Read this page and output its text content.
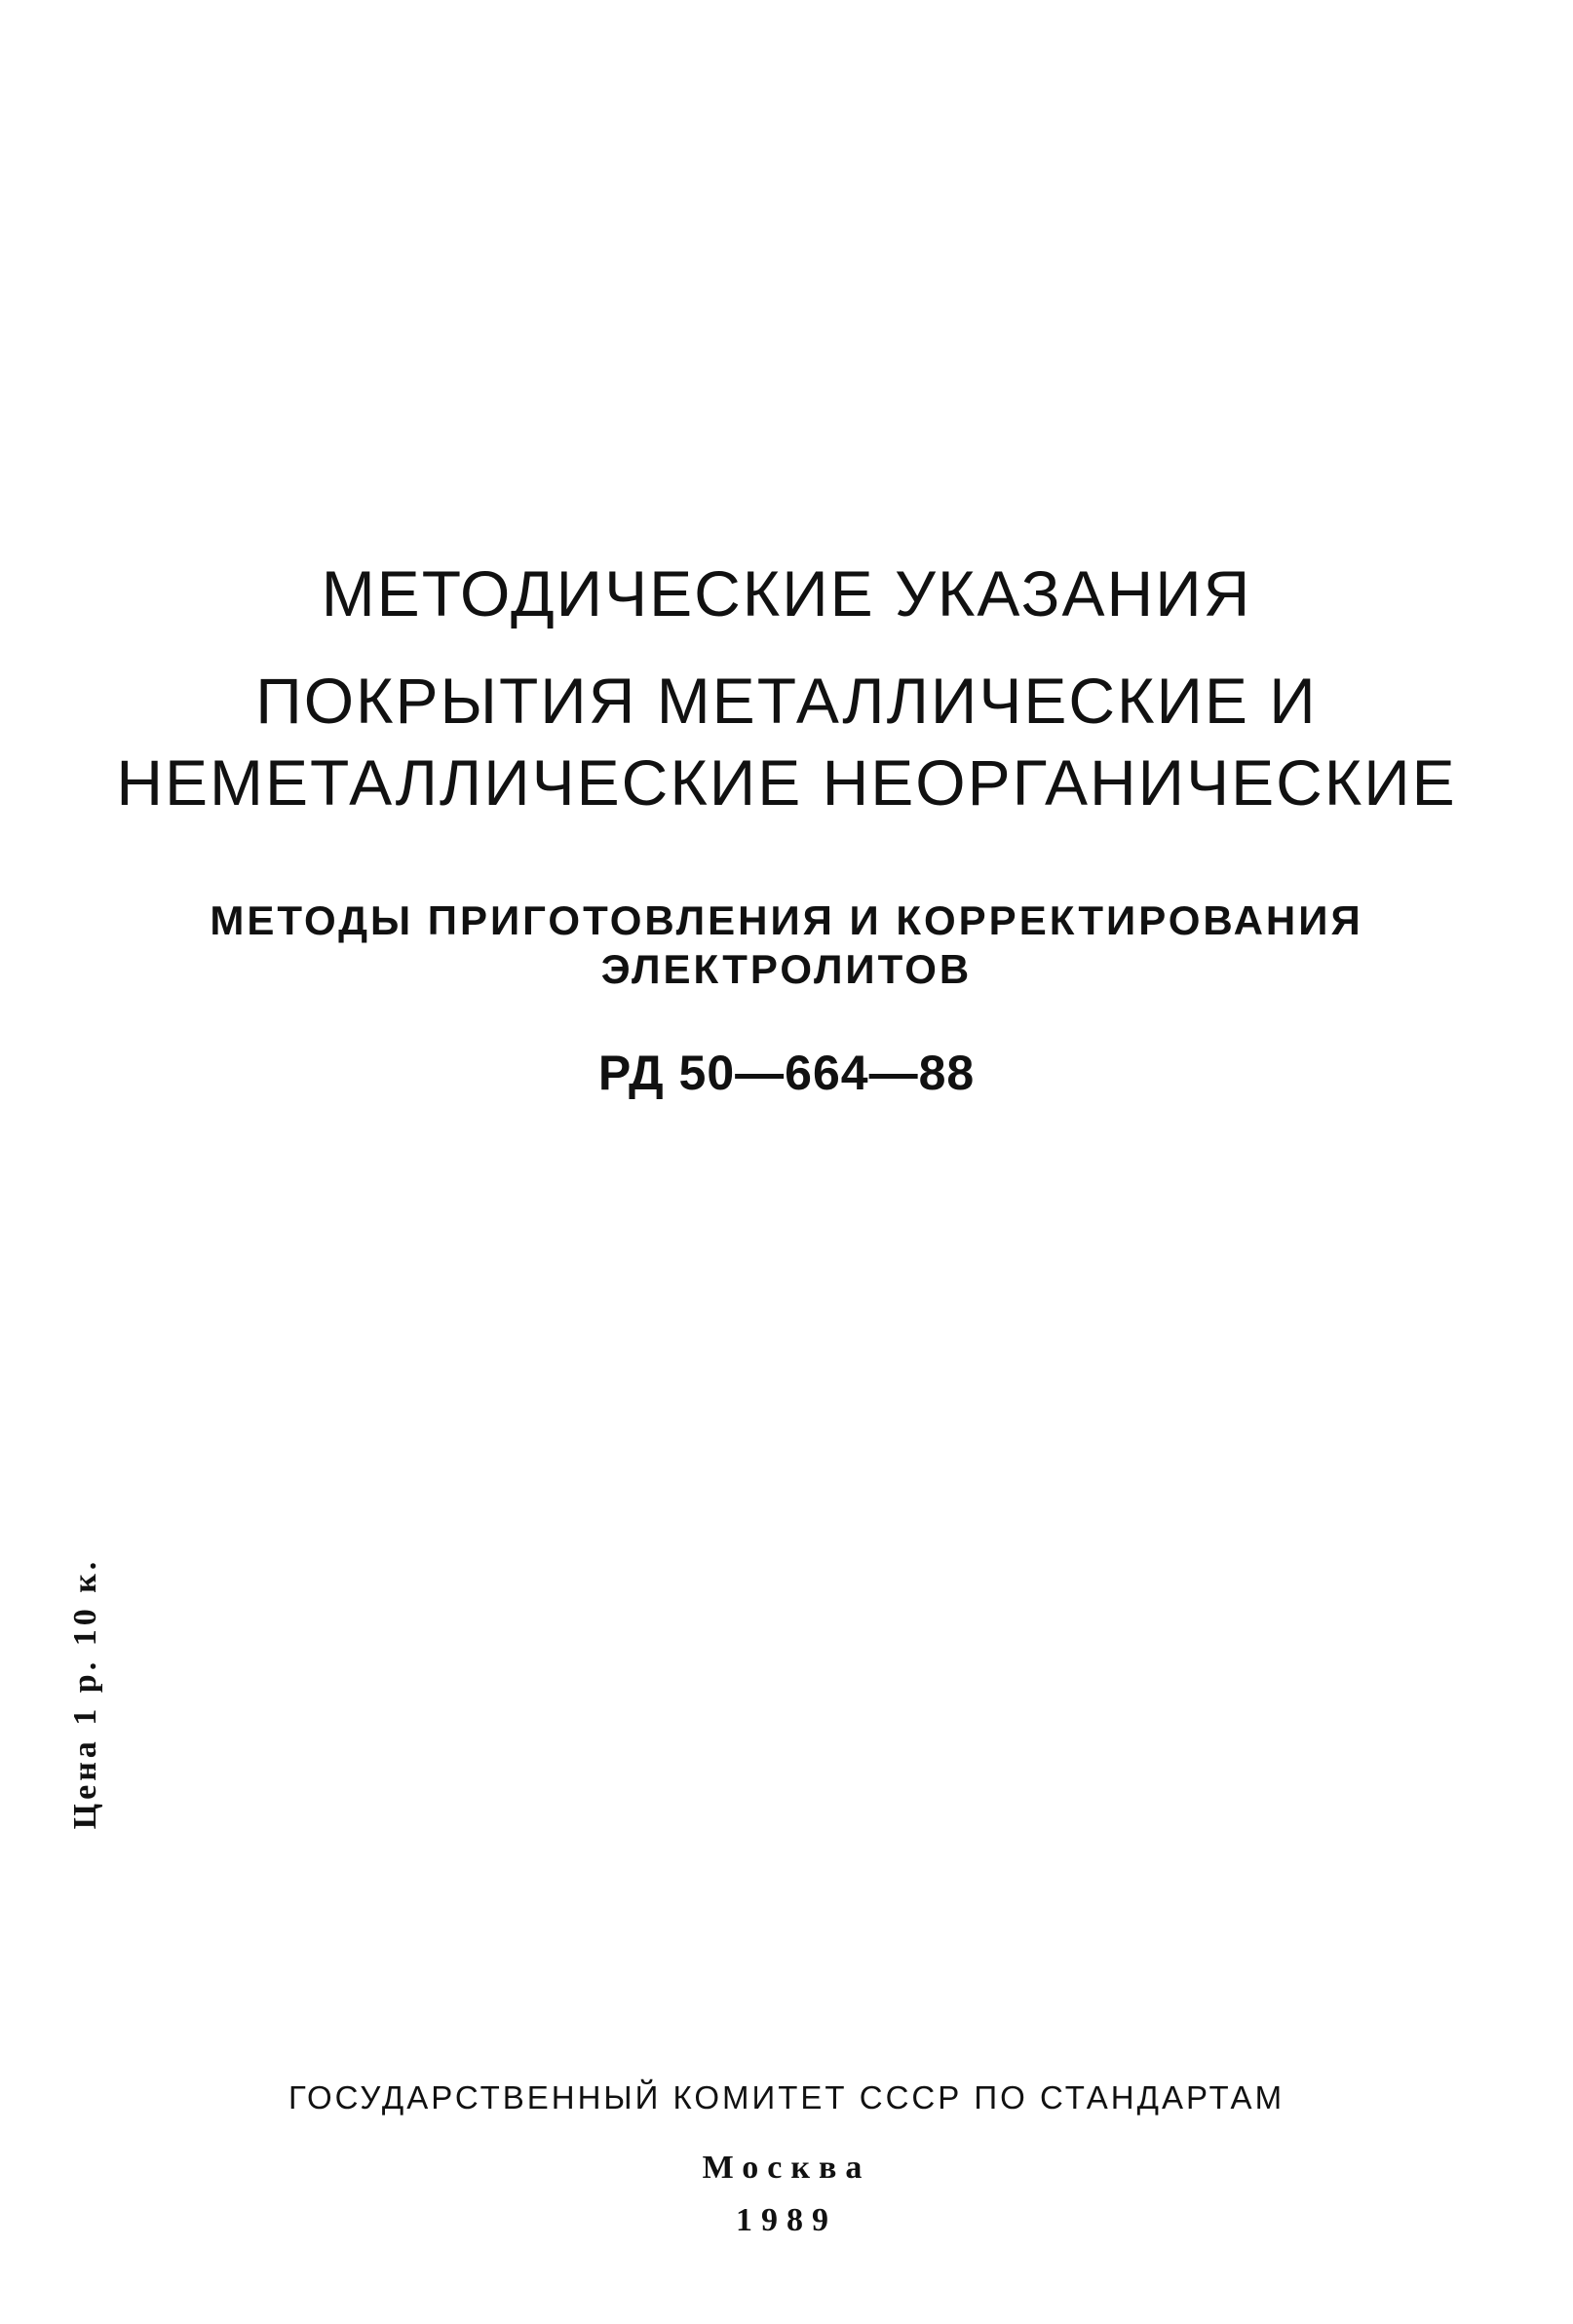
МЕТОДИЧЕСКИЕ УКАЗАНИЯ
ПОКРЫТИЯ МЕТАЛЛИЧЕСКИЕ И
НЕМЕТАЛЛИЧЕСКИЕ НЕОРГАНИЧЕСКИЕ
МЕТОДЫ ПРИГОТОВЛЕНИЯ И КОРРЕКТИРОВАНИЯ
ЭЛЕКТРОЛИТОВ
РД 50—664—88
Цена 1 р. 10 к.
ГОСУДАРСТВЕННЫЙ КОМИТЕТ СССР ПО СТАНДАРТАМ
Москва
1989
